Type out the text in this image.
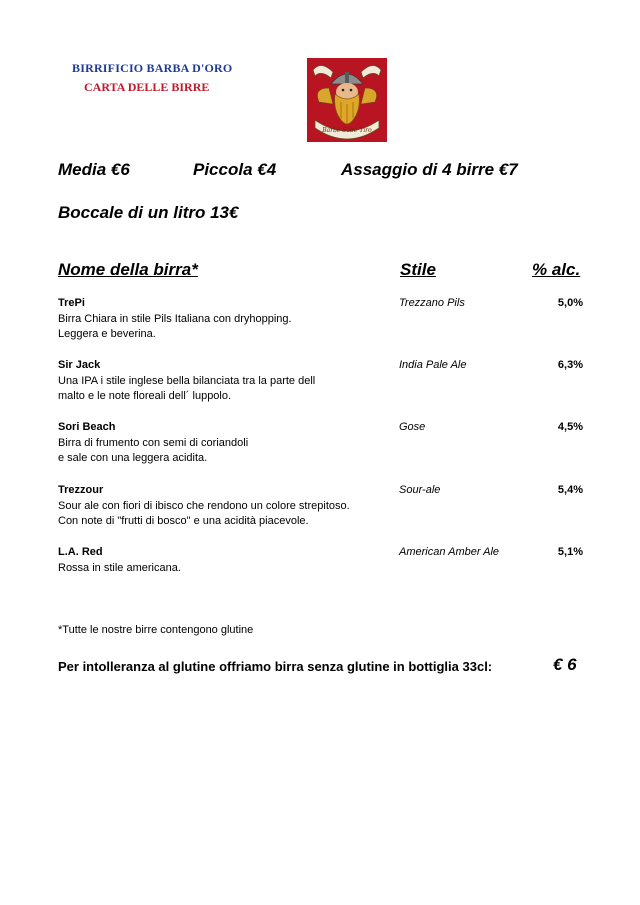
BIRRIFICIO BARBA D'ORO
CARTA DELLE BIRRE
Barbe Sabe Tiro
Media €6	Piccola €4	Assaggio di 4 birre €7
Boccale di un litro 13€
Nome della birra*	Stile	% alc.
TrePi
Birra Chiara in stile Pils Italiana con dryhopping.
Leggera e beverina.
Trezzano Pils	5,0%
Sir Jack
Una IPA i stile inglese bella bilanciata tra la parte dell
malto e le note floreali dell´ luppolo.
India Pale Ale	6,3%
Sori Beach
Birra di frumento con semi di coriandoli
e sale con una leggera acidita.
Gose	4,5%
Trezzour
Sour ale con fiori di ibisco che rendono un colore strepitoso.
Con note di "frutti di bosco" e una acidità piacevole.
Sour-ale	5,4%
L.A. Red
Rossa in stile americana.
American Amber Ale	5,1%
*Tutte le nostre birre contengono glutine
Per intolleranza al glutine offriamo birra senza glutine in bottiglia 33cl:	€ 6
